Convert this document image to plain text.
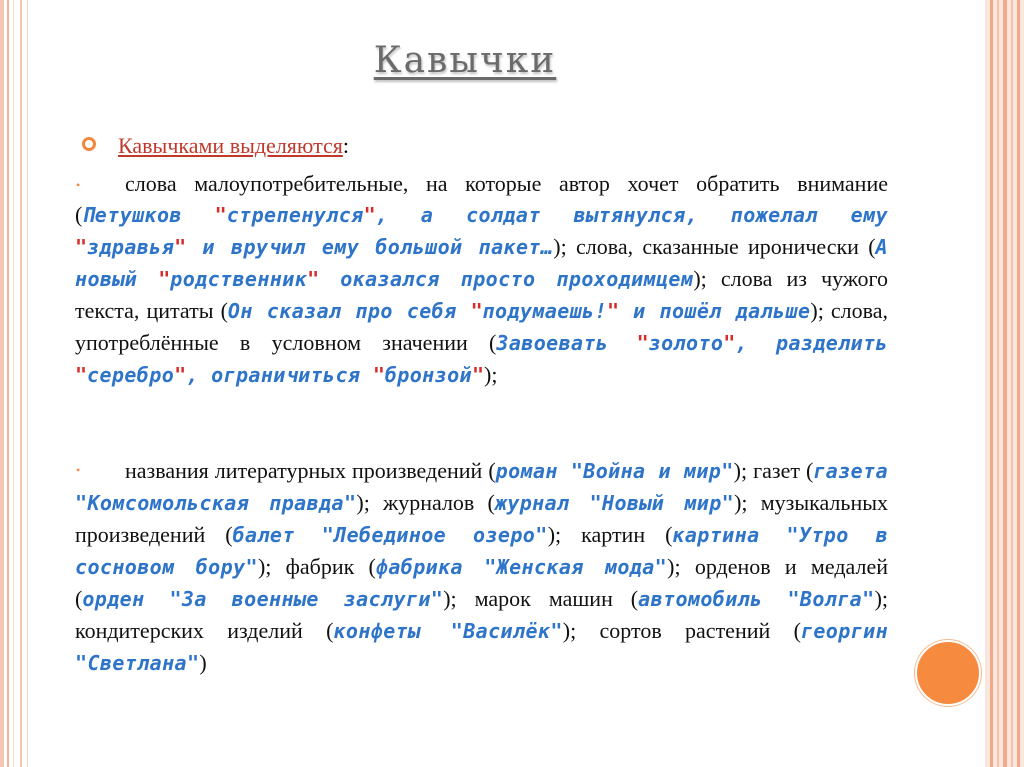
Кавычки
Кавычками выделяются:
•	слова малоупотребительные, на которые автор хочет обратить внимание (Петушков "стрепенулся", а солдат вытянулся, пожелал ему "здравья" и вручил ему большой пакет…); слова, сказанные иронически (А новый "родственник" оказался просто проходимцем); слова из чужого текста, цитаты (Он сказал про себя "подумаешь!" и пошёл дальше); слова, употреблённые в условном значении (Завоевать "золото", разделить "серебро", ограничиться "бронзой");
•	названия литературных произведений (роман "Война и мир"); газет (газета "Комсомольская правда"); журналов (журнал "Новый мир"); музыкальных произведений (балет "Лебединое озеро"); картин (картина "Утро в сосновом бору"); фабрик (фабрика "Женская мода"); орденов и медалей (орден "За военные заслуги"); марок машин (автомобиль "Волга"); кондитерских изделий (конфеты "Василёк"); сортов растений (георгин "Светлана")
